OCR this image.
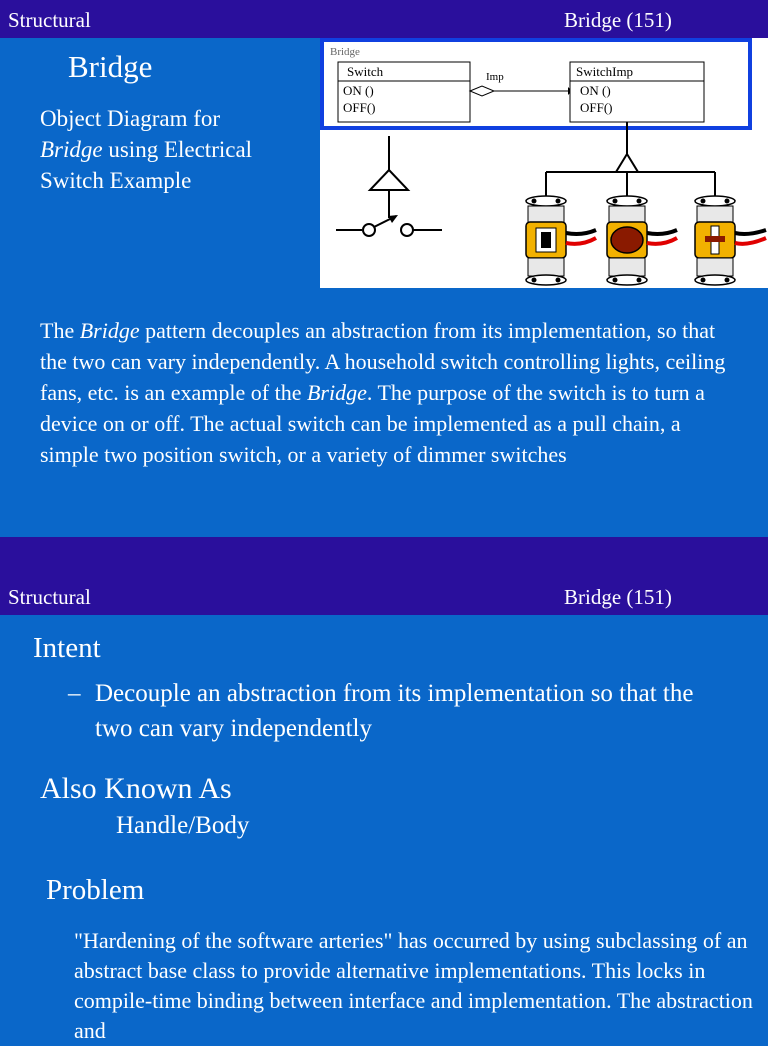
Structural	Bridge (151)
Bridge
Object Diagram for
Bridge using Electrical
Switch Example
Bridge
Switch
ON ()
OFF()
Imp	SwitchImp
ON ()
OFF()
The Bridge pattern decouples an abstraction from its implementation, so that the two can vary independently. A household switch controlling lights, ceiling fans, etc. is an example of the Bridge. The purpose of the switch is to turn a device on or off. The actual switch can be implemented as a pull chain, a simple two position switch, or a variety of dimmer switches
Structural	Bridge (151)
Intent
– Decouple an abstraction from its implementation so that the two can vary independently
Also Known As
Handle/Body
Problem
"Hardening of the software arteries" has occurred by using subclassing of an abstract base class to provide alternative implementations. This locks in compile-time binding between interface and implementation. The abstraction and
